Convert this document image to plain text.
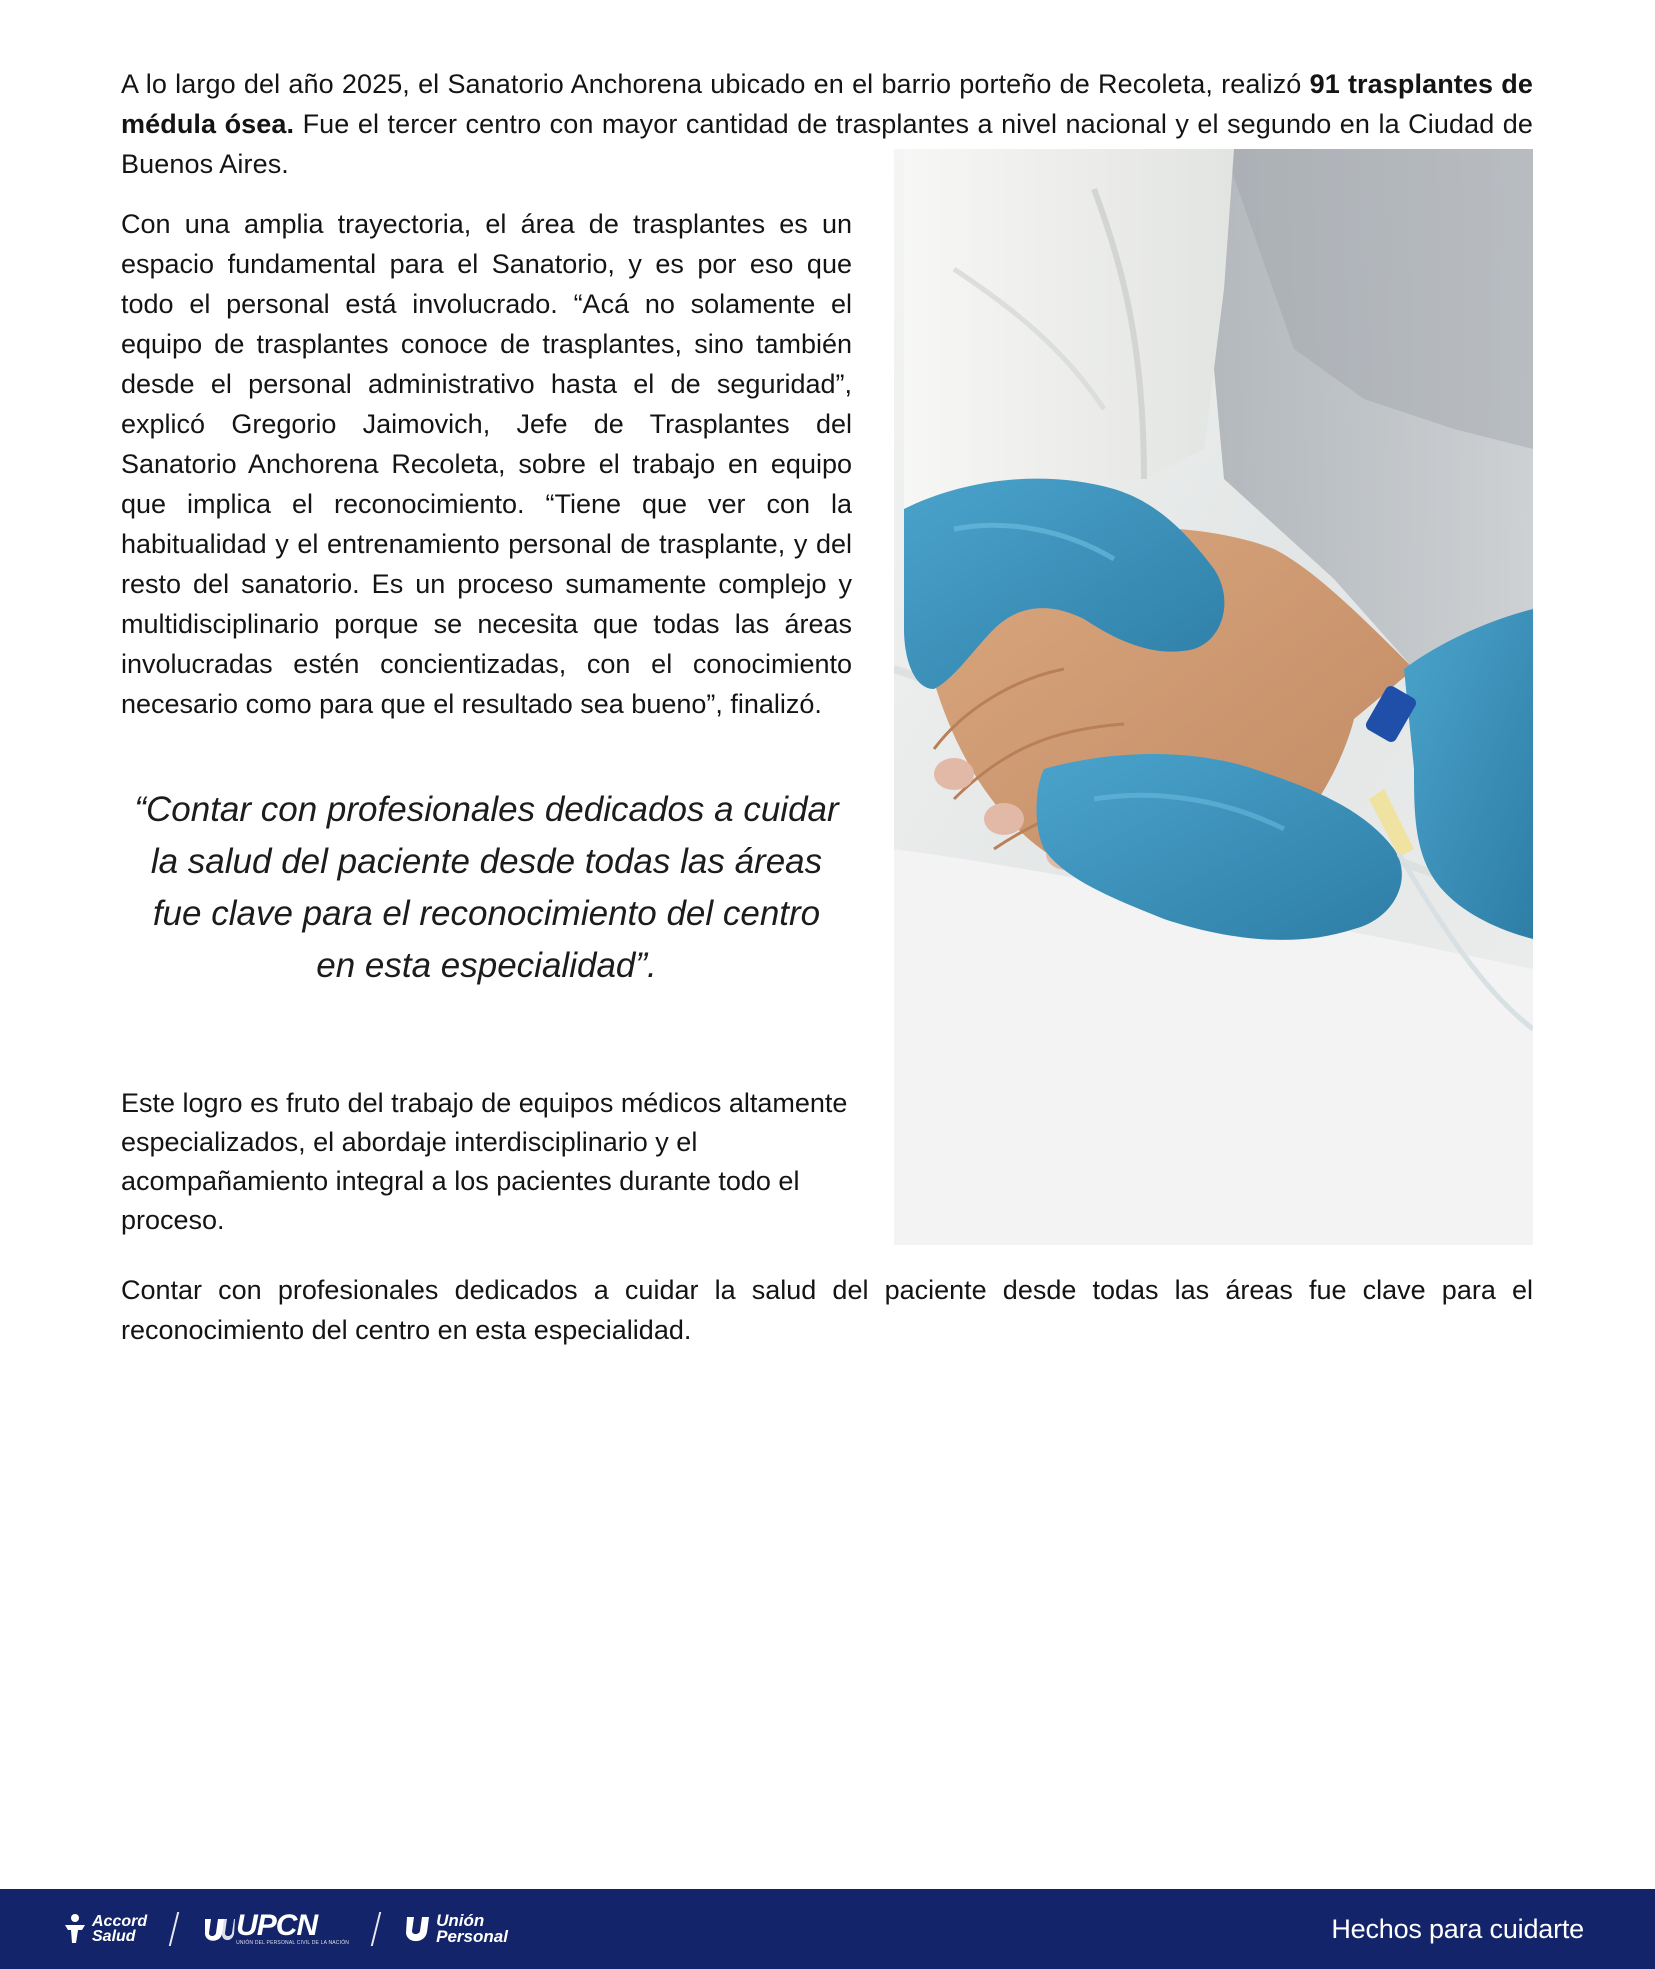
A lo largo del año 2025, el Sanatorio Anchorena ubicado en el barrio porteño de Recoleta, realizó 91 trasplantes de médula ósea. Fue el tercer centro con mayor cantidad de trasplantes a nivel nacional y el segundo en la Ciudad de Buenos Aires.

Con una amplia trayectoria, el área de trasplantes es un espacio fundamental para el Sanatorio, y es por eso que todo el personal está involucrado. “Acá no solamente el equipo de trasplantes conoce de trasplantes, sino también desde el personal administrativo hasta el de seguridad”, explicó Gregorio Jaimovich, Jefe de Trasplantes del Sanatorio Anchorena Recoleta, sobre el trabajo en equipo que implica el reconocimiento. “Tiene que ver con la habitualidad y el entrenamiento personal de trasplante, y del resto del sanatorio. Es un proceso sumamente complejo y multidisciplinario porque se necesita que todas las áreas involucradas estén concientizadas, con el conocimiento necesario como para que el resultado sea bueno”, finalizó.

“Contar con profesionales dedicados a cuidar la salud del paciente desde todas las áreas fue clave para el reconocimiento del centro en esta especialidad”.

Este logro es fruto del trabajo de equipos médicos altamente especializados, el abordaje interdisciplinario y el acompañamiento integral a los pacientes durante todo el proceso.

Contar con profesionales dedicados a cuidar la salud del paciente desde todas las áreas fue clave para el reconocimiento del centro en esta especialidad.

Accord
Salud	UPCN
UNIÓN DEL PERSONAL CIVIL DE LA NACIÓN
Unión
Personal	Hechos para cuidarte
